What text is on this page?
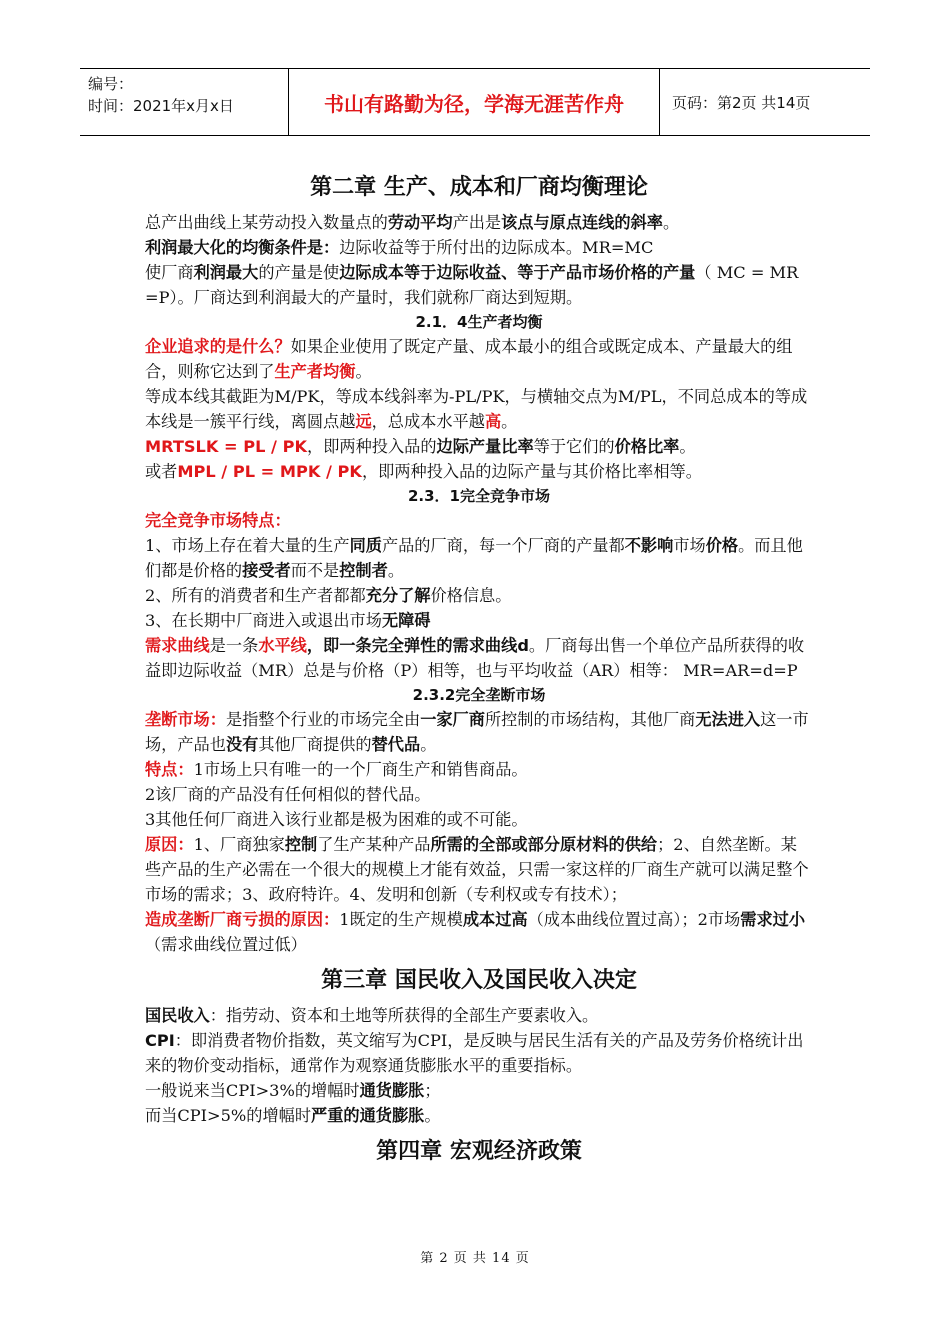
编号：
时间：2021年x月x日	书山有路勤为径，学海无涯苦作舟	页码：第2页 共14页
第二章 生产、成本和厂商均衡理论

总产出曲线上某劳动投入数量点的劳动平均产出是该点与原点连线的斜率。

利润最大化的均衡条件是：边际收益等于所付出的边际成本。MR=MC

使厂商利润最大的产量是使边际成本等于边际收益、等于产品市场价格的产量（ MC = MR =P）。厂商达到利润最大的产量时，我们就称厂商达到短期。

2.1．4生产者均衡

企业追求的是什么？如果企业使用了既定产量、成本最小的组合或既定成本、产量最大的组合，则称它达到了生产者均衡。

等成本线其截距为M/PK，等成本线斜率为-PL/PK，与横轴交点为M/PL，不同总成本的等成本线是一簇平行线，离圆点越远，总成本水平越高。

MRTSLK = PL / PK，即两种投入品的边际产量比率等于它们的价格比率。

或者MPL / PL = MPK / PK，即两种投入品的边际产量与其价格比率相等。

2.3．1完全竞争市场

完全竞争市场特点：

1、市场上存在着大量的生产同质产品的厂商，每一个厂商的产量都不影响市场价格。而且他们都是价格的接受者而不是控制者。

2、所有的消费者和生产者都都充分了解价格信息。

3、在长期中厂商进入或退出市场无障碍

需求曲线是一条水平线，即一条完全弹性的需求曲线d。厂商每出售一个单位产品所获得的收益即边际收益（MR）总是与价格（P）相等，也与平均收益（AR）相等： MR=AR=d=P

2.3.2完全垄断市场

垄断市场：是指整个行业的市场完全由一家厂商所控制的市场结构，其他厂商无法进入这一市场，产品也没有其他厂商提供的替代品。

特点：1市场上只有唯一的一个厂商生产和销售商品。

2该厂商的产品没有任何相似的替代品。

3其他任何厂商进入该行业都是极为困难的或不可能。

原因：1、厂商独家控制了生产某种产品所需的全部或部分原材料的供给；2、自然垄断。某些产品的生产必需在一个很大的规模上才能有效益，只需一家这样的厂商生产就可以满足整个市场的需求；3、政府特许。4、发明和创新（专利权或专有技术）；

造成垄断厂商亏损的原因：1既定的生产规模成本过高（成本曲线位置过高）；2市场需求过小（需求曲线位置过低）

第三章 国民收入及国民收入决定

国民收入：指劳动、资本和土地等所获得的全部生产要素收入。

CPI：即消费者物价指数，英文缩写为CPI，是反映与居民生活有关的产品及劳务价格统计出来的物价变动指标，通常作为观察通货膨胀水平的重要指标。

一般说来当CPI>3%的增幅时通货膨胀；

而当CPI>5%的增幅时严重的通货膨胀。

第四章 宏观经济政策
第 2 页 共 14 页
